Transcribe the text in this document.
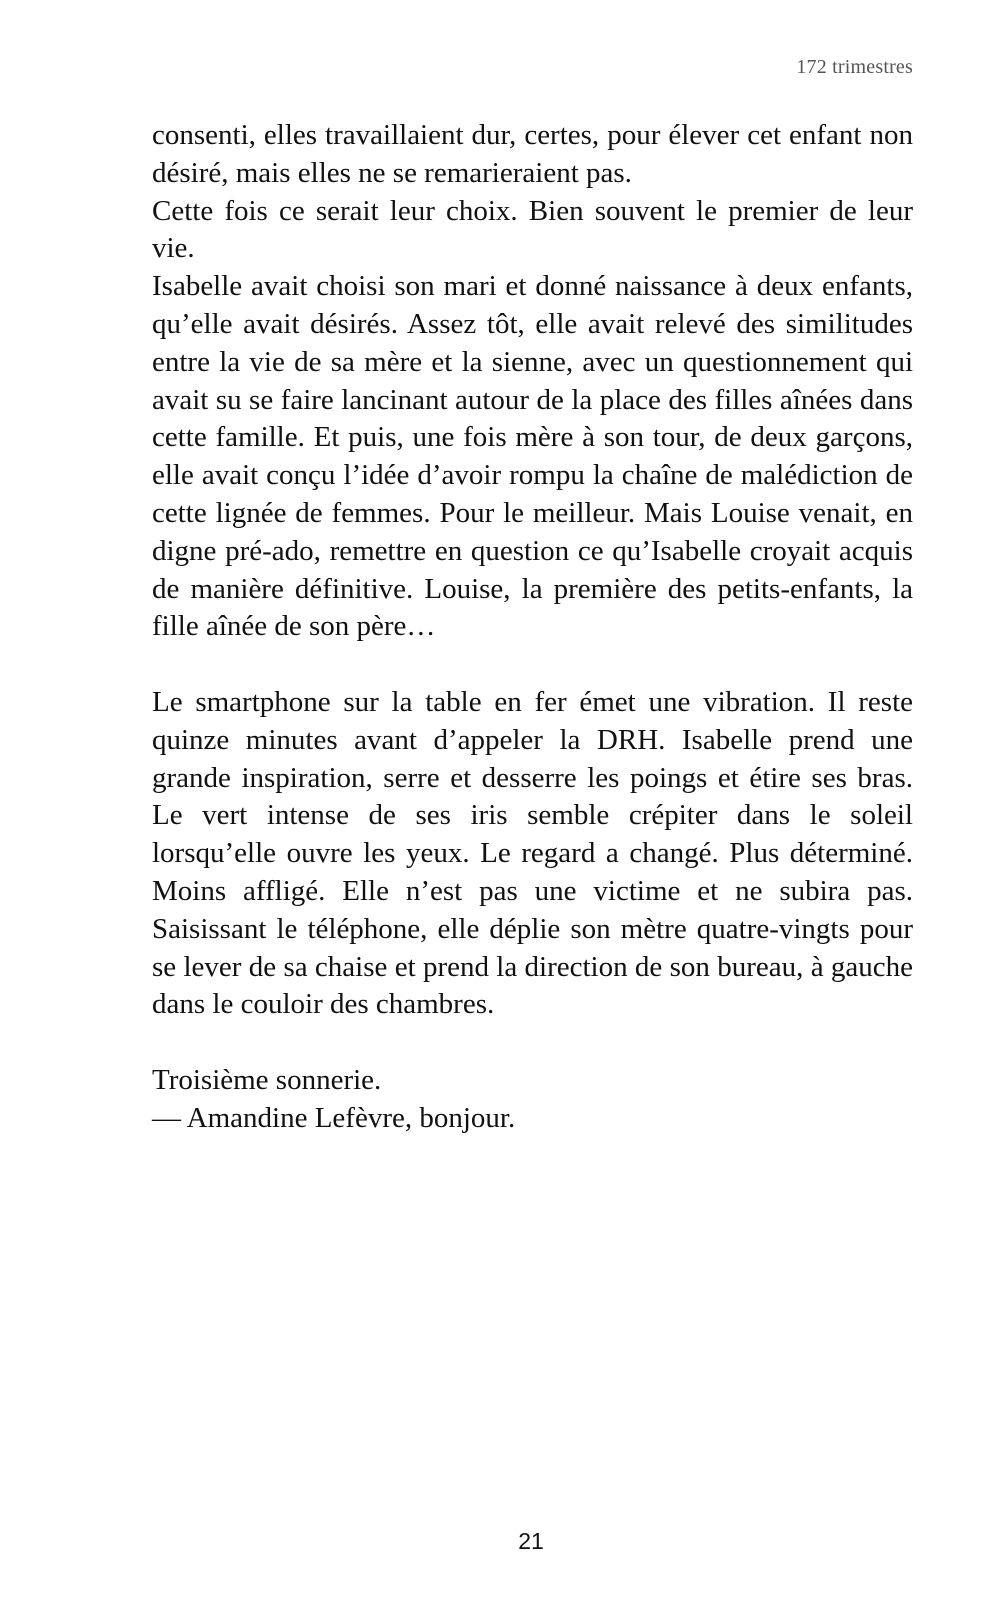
172 trimestres

consenti, elles travaillaient dur, certes, pour élever cet enfant non désiré, mais elles ne se remarieraient pas.

Cette fois ce serait leur choix. Bien souvent le premier de leur vie.

Isabelle avait choisi son mari et donné naissance à deux enfants, qu’elle avait désirés. Assez tôt, elle avait relevé des similitudes entre la vie de sa mère et la sienne, avec un questionnement qui avait su se faire lancinant autour de la place des filles aînées dans cette famille. Et puis, une fois mère à son tour, de deux garçons, elle avait conçu l’idée d’avoir rompu la chaîne de malédiction de cette lignée de femmes. Pour le meilleur. Mais Louise venait, en digne pré-ado, remettre en question ce qu’Isabelle croyait acquis de manière définitive. Louise, la première des petits-enfants, la fille aînée de son père…

Le smartphone sur la table en fer émet une vibration. Il reste quinze minutes avant d’appeler la DRH. Isabelle prend une grande inspiration, serre et desserre les poings et étire ses bras. Le vert intense de ses iris semble crépiter dans le soleil lorsqu’elle ouvre les yeux. Le regard a changé. Plus déterminé. Moins affligé. Elle n’est pas une victime et ne subira pas. Saisissant le téléphone, elle déplie son mètre quatre-vingts pour se lever de sa chaise et prend la direction de son bureau, à gauche dans le couloir des chambres.

Troisième sonnerie.

— Amandine Lefèvre, bonjour.

21
